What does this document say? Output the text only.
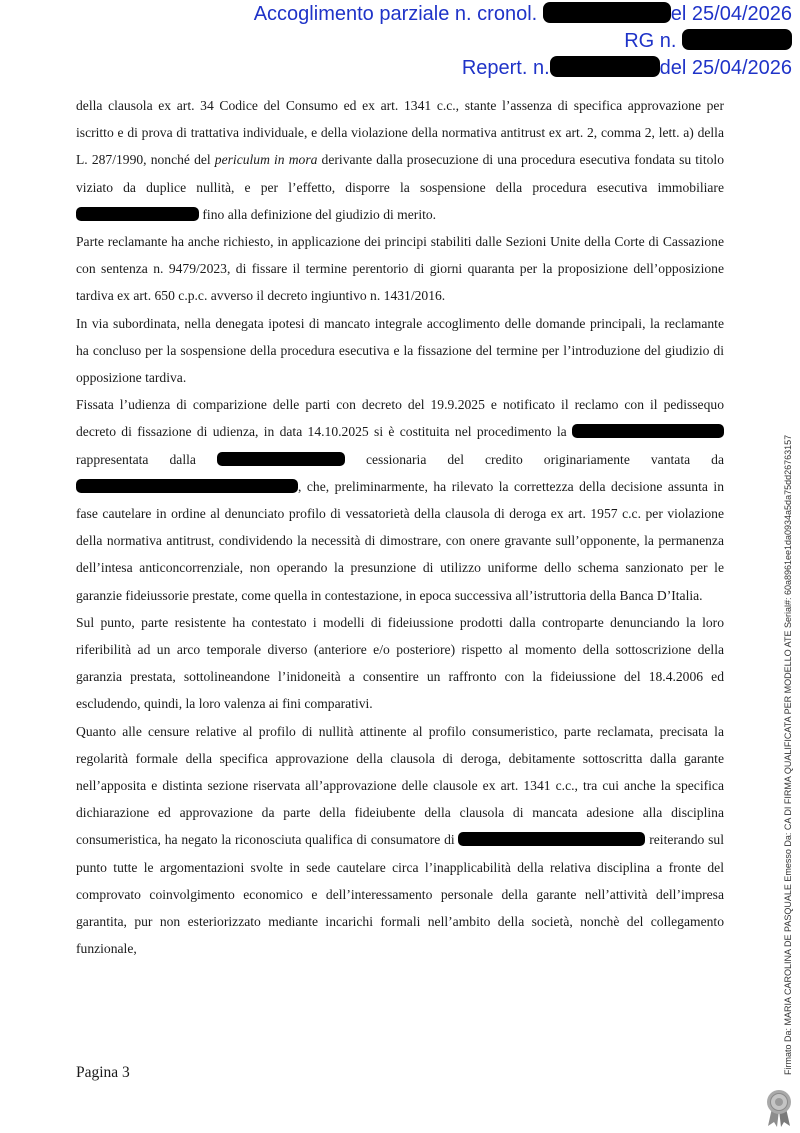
Accoglimento parziale n. cronol.	el 25/04/2026
RG n.
Repert. n.	del 25/04/2026

della clausola ex art. 34 Codice del Consumo ed ex art. 1341 c.c., stante l’assenza di specifica approvazione per iscritto e di prova di trattativa individuale, e della violazione della normativa antitrust ex art. 2, comma 2, lett. a) della L. 287/1990, nonché del periculum in mora derivante dalla prosecuzione di una procedura esecutiva fondata su titolo viziato da duplice nullità, e per l’effetto, disporre la sospensione della procedura esecutiva immobiliare  fino alla definizione del giudizio di merito.

Parte reclamante ha anche richiesto, in applicazione dei principi stabiliti dalle Sezioni Unite della Corte di Cassazione con sentenza n. 9479/2023, di fissare il termine perentorio di giorni quaranta per la proposizione dell’opposizione tardiva ex art. 650 c.p.c. avverso il decreto ingiuntivo n. 1431/2016.

In via subordinata, nella denegata ipotesi di mancato integrale accoglimento delle domande principali, la reclamante ha concluso per la sospensione della procedura esecutiva e la fissazione del termine per l’introduzione del giudizio di opposizione tardiva.

Fissata l’udienza di comparizione delle parti con decreto del 19.9.2025 e notificato il reclamo con il pedissequo decreto di fissazione di udienza, in data 14.10.2025 si è costituita nel procedimento la  rappresentata dalla	cessionaria del credito originariamente vantata da , che, preliminarmente, ha rilevato la correttezza della decisione assunta in fase cautelare in ordine al denunciato profilo di vessatorietà della clausola di deroga ex art. 1957 c.c. per violazione della normativa antitrust, condividendo la necessità di dimostrare, con onere gravante sull’opponente, la permanenza dell’intesa anticoncorrenziale, non operando la presunzione di utilizzo uniforme dello schema sanzionato per le garanzie fideiussorie prestate, come quella in contestazione, in epoca successiva all’istruttoria della Banca D’Italia.

Sul punto, parte resistente ha contestato i modelli di fideiussione prodotti dalla controparte denunciando la loro riferibilità ad un arco temporale diverso (anteriore e/o posteriore) rispetto al momento della sottoscrizione della garanzia prestata, sottolineandone l’inidoneità a consentire un raffronto con la fideiussione del 18.4.2006 ed escludendo, quindi, la loro valenza ai fini comparativi.

Quanto alle censure relative al profilo di nullità attinente al profilo consumeristico, parte reclamata, precisata la regolarità formale della specifica approvazione della clausola di deroga, debitamente sottoscritta dalla garante nell’apposita e distinta sezione riservata all’approvazione delle clausole ex art. 1341 c.c., tra cui anche la specifica dichiarazione ed approvazione da parte della fideiubente della clausola di mancata adesione alla disciplina consumeristica, ha negato la riconosciuta qualifica di consumatore di	reiterando sul punto tutte le argomentazioni svolte in sede cautelare circa l’inapplicabilità della relativa disciplina a fronte del comprovato coinvolgimento economico e dell’interessamento personale della garante nell’attività dell’impresa garantita, pur non esteriorizzato mediante incarichi formali nell’ambito della società, nonchè del collegamento funzionale,

Pagina 3	Firmato Da: MARIA CAROLINA DE PASQUALE Emesso Da: CA DI FIRMA QUALIFICATA PER MODELLO ATE Serial#: 60a8961ee1da0934a5da75dd26763157
